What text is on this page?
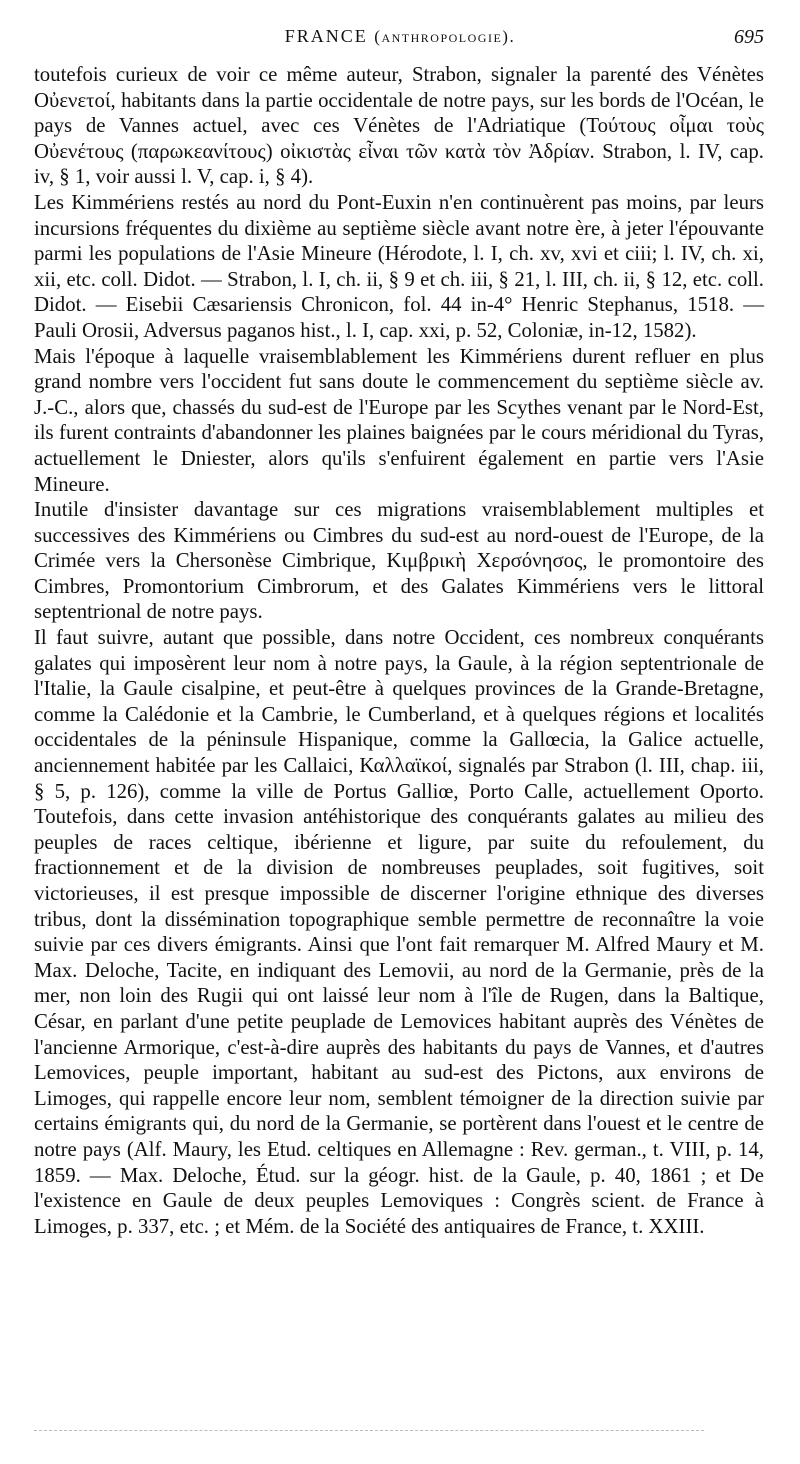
FRANCE (anthropologie).	695

toutefois curieux de voir ce même auteur, Strabon, signaler la parenté des Vénètes Οὐενετοί, habitants dans la partie occidentale de notre pays, sur les bords de l'Océan, le pays de Vannes actuel, avec ces Vénètes de l'Adriatique (Τούτους οἶμαι τοὺς Οὐενέτους (παρωκεανίτους) οἰκιστὰς εἶναι τῶν κατὰ τὸν Ἀδρίαν. Strabon, l. IV, cap. iv, § 1, voir aussi l. V, cap. i, § 4).

Les Kimmériens restés au nord du Pont-Euxin n'en continuèrent pas moins, par leurs incursions fréquentes du dixième au septième siècle avant notre ère, à jeter l'épouvante parmi les populations de l'Asie Mineure (Hérodote, l. I, ch. xv, xvi et ciii; l. IV, ch. xi, xii, etc. coll. Didot. — Strabon, l. I, ch. ii, § 9 et ch. iii, § 21, l. III, ch. ii, § 12, etc. coll. Didot. — Eisebii Cæsariensis Chronicon, fol. 44 in-4° Henric Stephanus, 1518. — Pauli Orosii, Adversus paganos hist., l. I, cap. xxi, p. 52, Coloniæ, in-12, 1582).

Mais l'époque à laquelle vraisemblablement les Kimmériens durent refluer en plus grand nombre vers l'occident fut sans doute le commencement du septième siècle av. J.-C., alors que, chassés du sud-est de l'Europe par les Scythes venant par le Nord-Est, ils furent contraints d'abandonner les plaines baignées par le cours méridional du Tyras, actuellement le Dniester, alors qu'ils s'enfuirent également en partie vers l'Asie Mineure.

Inutile d'insister davantage sur ces migrations vraisemblablement multiples et successives des Kimmériens ou Cimbres du sud-est au nord-ouest de l'Europe, de la Crimée vers la Chersonèse Cimbrique, Κιμβρικὴ Χερσόνησος, le promontoire des Cimbres, Promontorium Cimbrorum, et des Galates Kimmériens vers le littoral septentrional de notre pays.

Il faut suivre, autant que possible, dans notre Occident, ces nombreux conquérants galates qui imposèrent leur nom à notre pays, la Gaule, à la région septentrionale de l'Italie, la Gaule cisalpine, et peut-être à quelques provinces de la Grande-Bretagne, comme la Calédonie et la Cambrie, le Cumberland, et à quelques régions et localités occidentales de la péninsule Hispanique, comme la Gallœcia, la Galice actuelle, anciennement habitée par les Callaici, Καλλαϊκοί, signalés par Strabon (l. III, chap. iii, § 5, p. 126), comme la ville de Portus Galliœ, Porto Calle, actuellement Oporto. Toutefois, dans cette invasion antéhistorique des conquérants galates au milieu des peuples de races celtique, ibérienne et ligure, par suite du refoulement, du fractionnement et de la division de nombreuses peuplades, soit fugitives, soit victorieuses, il est presque impossible de discerner l'origine ethnique des diverses tribus, dont la dissémination topographique semble permettre de reconnaître la voie suivie par ces divers émigrants. Ainsi que l'ont fait remarquer M. Alfred Maury et M. Max. Deloche, Tacite, en indiquant des Lemovii, au nord de la Germanie, près de la mer, non loin des Rugii qui ont laissé leur nom à l'île de Rugen, dans la Baltique, César, en parlant d'une petite peuplade de Lemovices habitant auprès des Vénètes de l'ancienne Armorique, c'est-à-dire auprès des habitants du pays de Vannes, et d'autres Lemovices, peuple important, habitant au sud-est des Pictons, aux environs de Limoges, qui rappelle encore leur nom, semblent témoigner de la direction suivie par certains émigrants qui, du nord de la Germanie, se portèrent dans l'ouest et le centre de notre pays (Alf. Maury, les Etud. celtiques en Allemagne : Rev. german., t. VIII, p. 14, 1859. — Max. Deloche, Étud. sur la géogr. hist. de la Gaule, p. 40, 1861 ; et De l'existence en Gaule de deux peuples Lemoviques : Congrès scient. de France à Limoges, p. 337, etc. ; et Mém. de la Société des antiquaires de France, t. XXIII.
